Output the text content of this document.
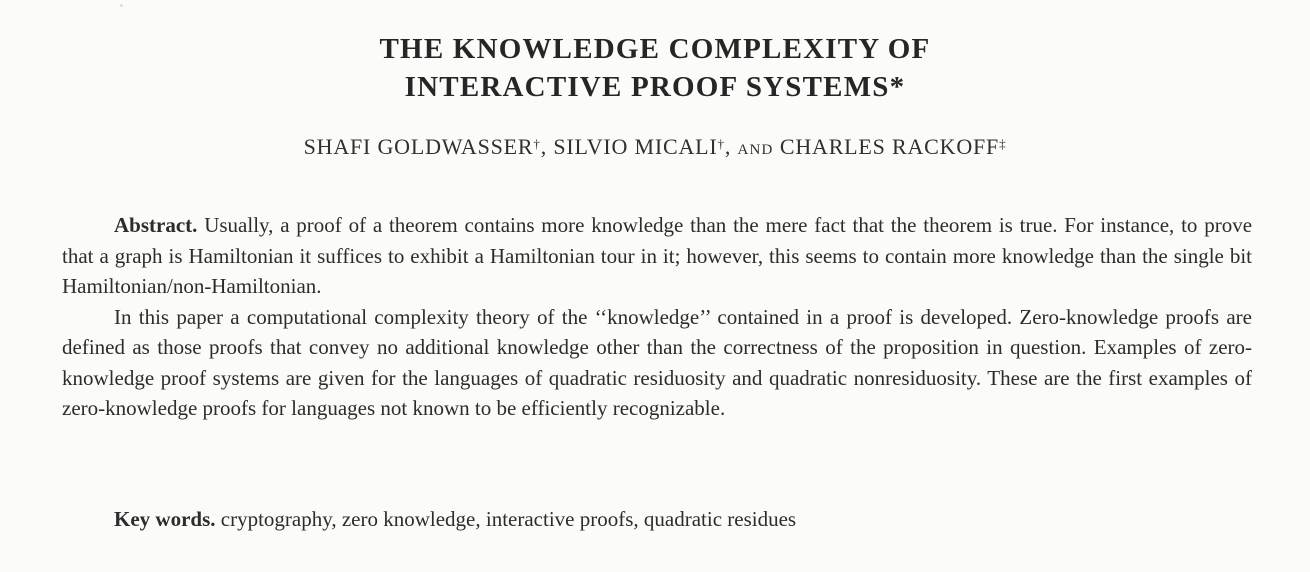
THE KNOWLEDGE COMPLEXITY OF
INTERACTIVE PROOF SYSTEMS*
SHAFI GOLDWASSER†, SILVIO MICALI†, AND CHARLES RACKOFF‡

Abstract. Usually, a proof of a theorem contains more knowledge than the mere fact that the theorem is true. For instance, to prove that a graph is Hamiltonian it suffices to exhibit a Hamiltonian tour in it; however, this seems to contain more knowledge than the single bit Hamiltonian/non-Hamiltonian.

In this paper a computational complexity theory of the ‘‘knowledge’’ contained in a proof is developed. Zero-knowledge proofs are defined as those proofs that convey no additional knowledge other than the correctness of the proposition in question. Examples of zero-knowledge proof systems are given for the languages of quadratic residuosity and quadratic nonresiduosity. These are the first examples of zero-knowledge proofs for languages not known to be efficiently recognizable.

Key words. cryptography, zero knowledge, interactive proofs, quadratic residues
